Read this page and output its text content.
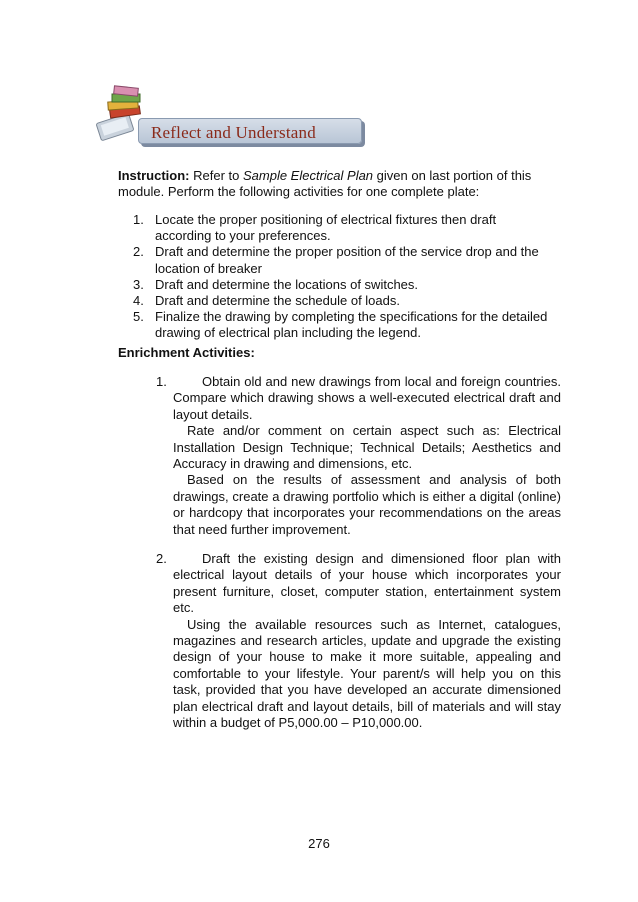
Reflect and Understand
Instruction: Refer to Sample Electrical Plan given on last portion of this
module. Perform the following activities for one complete plate:
1. Locate the proper positioning of electrical fixtures then draft according to your preferences.
2. Draft and determine the proper position of the service drop and the location of breaker
3. Draft and determine the locations of switches.
4. Draft and determine the schedule of loads.
5. Finalize the drawing by completing the specifications for the detailed drawing of electrical plan including the legend.
Enrichment Activities:
1.	Obtain old and new drawings from local and foreign countries. Compare which drawing shows a well-executed electrical draft and layout details.
Rate and/or comment on certain aspect such as: Electrical Installation Design Technique; Technical Details; Aesthetics and Accuracy in drawing and dimensions, etc.
Based on the results of assessment and analysis of both drawings, create a drawing portfolio which is either a digital (online) or hardcopy that incorporates your recommendations on the areas that need further improvement.
2.	Draft the existing design and dimensioned floor plan with electrical layout details of your house which incorporates your present furniture, closet, computer station, entertainment system etc.
Using the available resources such as Internet, catalogues, magazines and research articles, update and upgrade the existing design of your house to make it more suitable, appealing and comfortable to your lifestyle. Your parent/s will help you on this task, provided that you have developed an accurate dimensioned plan electrical draft and layout details, bill of materials and will stay within a budget of P5,000.00 – P10,000.00.
276
